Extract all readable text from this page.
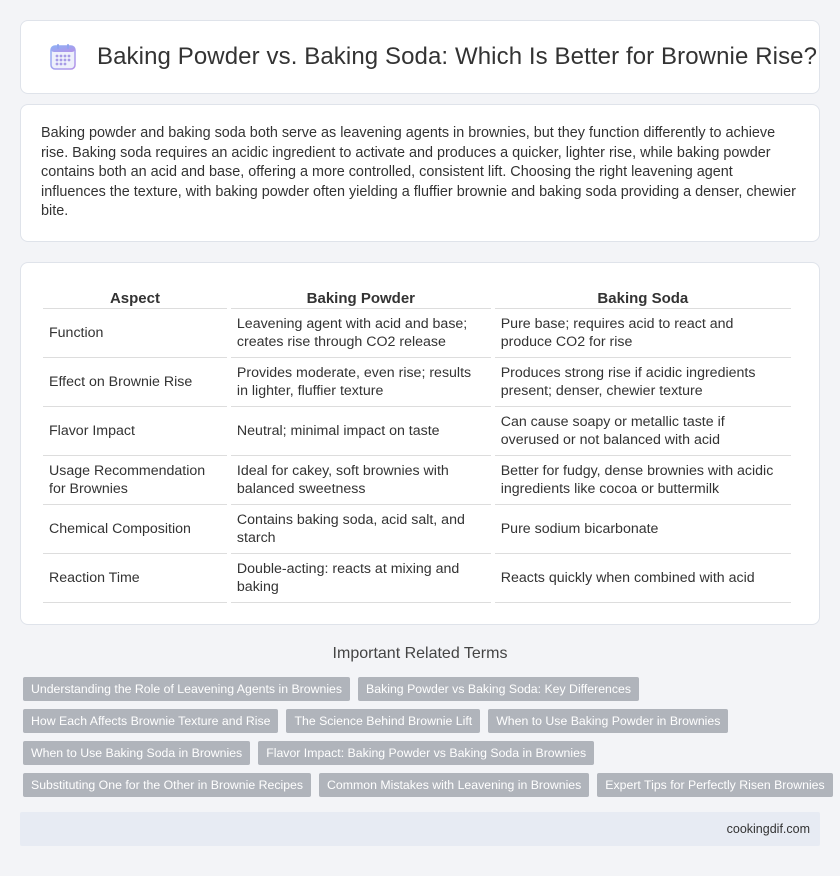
Baking Powder vs. Baking Soda: Which Is Better for Brownie Rise?

Baking powder and baking soda both serve as leavening agents in brownies, but they function differently to achieve rise. Baking soda requires an acidic ingredient to activate and produces a quicker, lighter rise, while baking powder contains both an acid and base, offering a more controlled, consistent lift. Choosing the right leavening agent influences the texture, with baking powder often yielding a fluffier brownie and baking soda providing a denser, chewier bite.

Aspect	Baking Powder	Baking Soda
Function	Leavening agent with acid and base; creates rise through CO2 release	Pure base; requires acid to react and produce CO2 for rise
Effect on Brownie Rise	Provides moderate, even rise; results in lighter, fluffier texture	Produces strong rise if acidic ingredients present; denser, chewier texture
Flavor Impact	Neutral; minimal impact on taste	Can cause soapy or metallic taste if overused or not balanced with acid
Usage Recommendation for Brownies	Ideal for cakey, soft brownies with balanced sweetness	Better for fudgy, dense brownies with acidic ingredients like cocoa or buttermilk
Chemical Composition	Contains baking soda, acid salt, and starch	Pure sodium bicarbonate
Reaction Time	Double-acting: reacts at mixing and baking	Reacts quickly when combined with acid
Important Related Terms
Understanding the Role of Leavening Agents in Brownies	Baking Powder vs Baking Soda: Key Differences
How Each Affects Brownie Texture and Rise	The Science Behind Brownie Lift	When to Use Baking Powder in Brownies
When to Use Baking Soda in Brownies	Flavor Impact: Baking Powder vs Baking Soda in Brownies
Substituting One for the Other in Brownie Recipes	Common Mistakes with Leavening in Brownies	Expert Tips for Perfectly Risen Brownies
cookingdif.com
